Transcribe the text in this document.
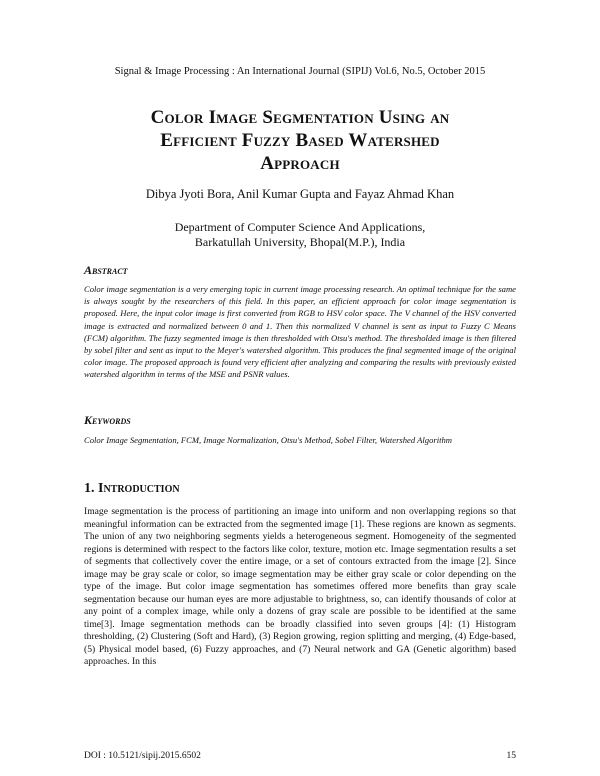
Signal & Image Processing : An International Journal (SIPIJ) Vol.6, No.5, October 2015
Color Image Segmentation Using an
Efficient Fuzzy Based Watershed
Approach
Dibya Jyoti Bora, Anil Kumar Gupta and Fayaz Ahmad Khan
Department of Computer Science And Applications,
Barkatullah University, Bhopal(M.P.), India
Abstract
Color image segmentation is a very emerging topic in current image processing research. An optimal technique for the same is always sought by the researchers of this field. In this paper, an efficient approach for color image segmentation is proposed. Here, the input color image is first converted from RGB to HSV color space. The V channel of the HSV converted image is extracted and normalized between 0 and 1. Then this normalized V channel is sent as input to Fuzzy C Means (FCM) algorithm. The fuzzy segmented image is then thresholded with Otsu's method. The thresholded image is then filtered by sobel filter and sent as input to the Meyer's watershed algorithm. This produces the final segmented image of the original color image. The proposed approach is found very efficient after analyzing and comparing the results with previously existed watershed algorithm in terms of the MSE and PSNR values.
Keywords
Color Image Segmentation, FCM, Image Normalization, Otsu's Method, Sobel Filter, Watershed Algorithm
1. Introduction
Image segmentation is the process of partitioning an image into uniform and non overlapping regions so that meaningful information can be extracted from the segmented image [1]. These regions are known as segments. The union of any two neighboring segments yields a heterogeneous segment. Homogeneity of the segmented regions is determined with respect to the factors like color, texture, motion etc. Image segmentation results a set of segments that collectively cover the entire image, or a set of contours extracted from the image [2]. Since image may be gray scale or color, so image segmentation may be either gray scale or color depending on the type of the image. But color image segmentation has sometimes offered more benefits than gray scale segmentation because our human eyes are more adjustable to brightness, so, can identify thousands of color at any point of a complex image, while only a dozens of gray scale are possible to be identified at the same time[3]. Image segmentation methods can be broadly classified into seven groups [4]: (1) Histogram thresholding, (2) Clustering (Soft and Hard), (3) Region growing, region splitting and merging, (4) Edge-based, (5) Physical model based, (6) Fuzzy approaches, and (7) Neural network and GA (Genetic algorithm) based approaches. In this
DOI : 10.5121/sipij.2015.6502	15
